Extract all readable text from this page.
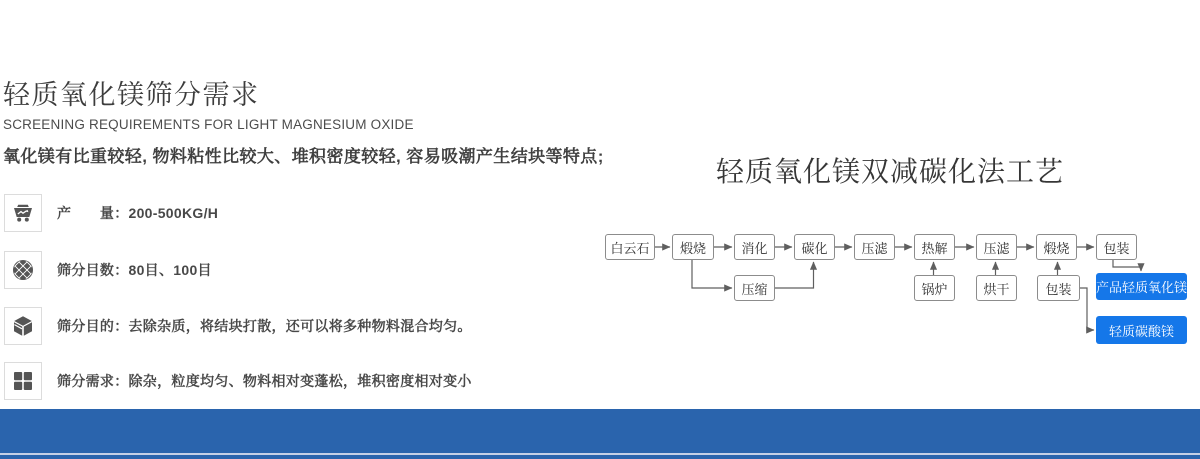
轻质氧化镁筛分需求
SCREENING REQUIREMENTS FOR LIGHT MAGNESIUM OXIDE

氧化镁有比重较轻, 物料粘性比较大、堆积密度较轻, 容易吸潮产生结块等特点;

产　　量：200-500KG/H
筛分目数：80目、100目
筛分目的：去除杂质，将结块打散，还可以将多种物料混合均匀。
筛分需求：除杂，粒度均匀、物料相对变蓬松，堆积密度相对变小
轻质氧化镁双减碳化法工艺
白云石	煅烧	消化	碳化	压滤	热解	压滤	煅烧	包装
压缩	锅炉	烘干	包装	产品轻质氧化镁
轻质碳酸镁
